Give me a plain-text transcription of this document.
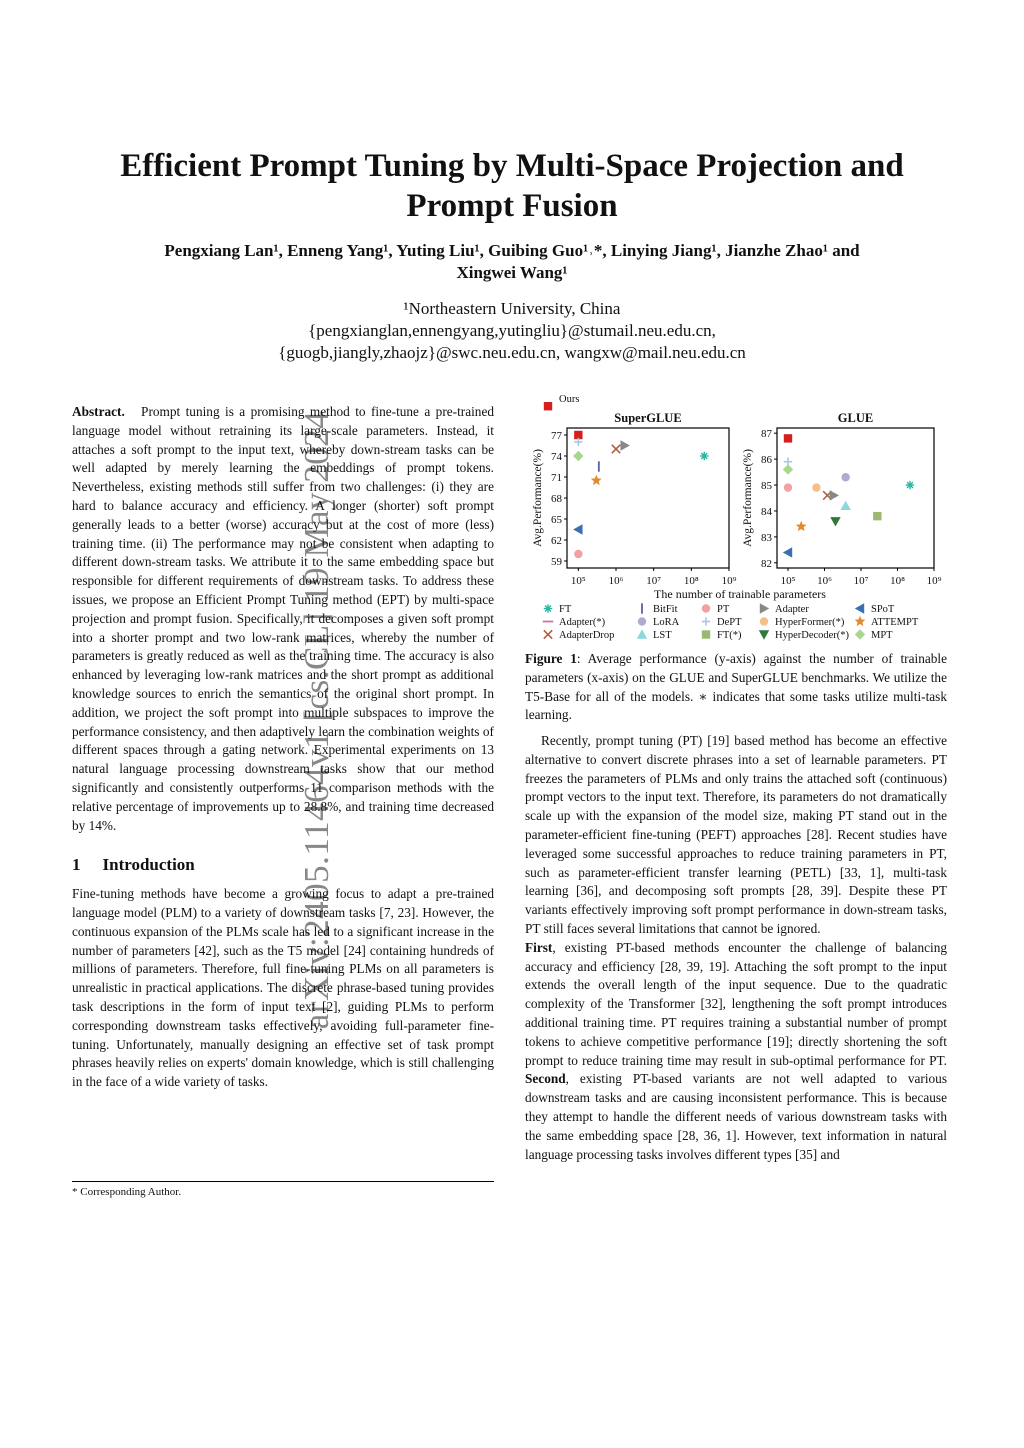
arXiv:2405.11464v1 [cs.CL] 19 May 2024
Efficient Prompt Tuning by Multi-Space Projection and
Prompt Fusion
Pengxiang Lan¹, Enneng Yang¹, Yuting Liu¹, Guibing Guo¹˒*, Linying Jiang¹, Jianzhe Zhao¹ and
Xingwei Wang¹
¹Northeastern University, China
{pengxianglan,ennengyang,yutingliu}@stumail.neu.edu.cn,
{guogb,jiangly,zhaojz}@swc.neu.edu.cn, wangxw@mail.neu.edu.cn

Abstract. Prompt tuning is a promising method to fine-tune a pre-trained language model without retraining its large-scale parameters. Instead, it attaches a soft prompt to the input text, whereby down-stream tasks can be well adapted by merely learning the embeddings of prompt tokens. Nevertheless, existing methods still suffer from two challenges: (i) they are hard to balance accuracy and efficiency. A longer (shorter) soft prompt generally leads to a better (worse) accuracy but at the cost of more (less) training time. (ii) The performance may not be consistent when adapting to different down-stream tasks. We attribute it to the same embedding space but responsible for different requirements of downstream tasks. To address these issues, we propose an Efficient Prompt Tuning method (EPT) by multi-space projection and prompt fusion. Specifically, it decomposes a given soft prompt into a shorter prompt and two low-rank matrices, whereby the number of parameters is greatly reduced as well as the training time. The accuracy is also enhanced by leveraging low-rank matrices and the short prompt as additional knowledge sources to enrich the semantics of the original short prompt. In addition, we project the soft prompt into multiple subspaces to improve the performance consistency, and then adaptively learn the combination weights of different spaces through a gating network. Experimental experiments on 13 natural language processing downstream tasks show that our method significantly and consistently outperforms 11 comparison methods with the relative percentage of improvements up to 28.8%, and training time decreased by 14%.

1 Introduction

Fine-tuning methods have become a growing focus to adapt a pre-trained language model (PLM) to a variety of downstream tasks [7, 23]. However, the continuous expansion of the PLMs scale has led to a significant increase in the number of parameters [42], such as the T5 model [24] containing hundreds of millions of parameters. Therefore, full fine-tuning PLMs on all parameters is unrealistic in practical applications. The discrete phrase-based tuning provides task descriptions in the form of input text [2], guiding PLMs to perform corresponding downstream tasks effectively, avoiding full-parameter fine-tuning. Unfortunately, manually designing an effective set of task prompt phrases heavily relies on experts' domain knowledge, which is still challenging in the face of a wide variety of tasks.

* Corresponding Author.
SuperGLUE
59
62
65
68
71
74
77
10⁵ 10⁶ 10⁷ 10⁸ 10⁹
Avg.Performance(%)
GLUE
82
83
84
85
86
87
10⁵ 10⁶ 10⁷ 10⁸ 10⁹
Avg.Performance(%)
The number of trainable parameters
FT	BitFit	PT	Adapter	SPoT
Adapter(*)	LoRA	DePT	HyperFormer(*)	ATTEMPT
AdapterDrop	LST	FT(*)	HyperDecoder(*) MPT
Ours
Figure 1: Average performance (y-axis) against the number of trainable parameters (x-axis) on the GLUE and SuperGLUE benchmarks. We utilize the T5-Base for all of the models. ∗ indicates that some tasks utilize multi-task learning.

Recently, prompt tuning (PT) [19] based method has become an effective alternative to convert discrete phrases into a set of learnable parameters. PT freezes the parameters of PLMs and only trains the attached soft (continuous) prompt vectors to the input text. Therefore, its parameters do not dramatically scale up with the expansion of the model size, making PT stand out in the parameter-efficient fine-tuning (PEFT) approaches [28]. Recent studies have leveraged some successful approaches to reduce training parameters in PT, such as parameter-efficient transfer learning (PETL) [33, 1], multi-task learning [36], and decomposing soft prompts [28, 39]. Despite these PT variants effectively improving soft prompt performance in down-stream tasks, PT still faces several limitations that cannot be ignored.

First, existing PT-based methods encounter the challenge of balancing accuracy and efficiency [28, 39, 19]. Attaching the soft prompt to the input extends the overall length of the input sequence. Due to the quadratic complexity of the Transformer [32], lengthening the soft prompt introduces additional training time. PT requires training a substantial number of prompt tokens to achieve competitive performance [19]; directly shortening the soft prompt to reduce training time may result in sub-optimal performance for PT. Second, existing PT-based variants are not well adapted to various downstream tasks and are causing inconsistent performance. This is because they attempt to handle the different needs of various downstream tasks with the same embedding space [28, 36, 1]. However, text information in natural language processing tasks involves different types [35] and
